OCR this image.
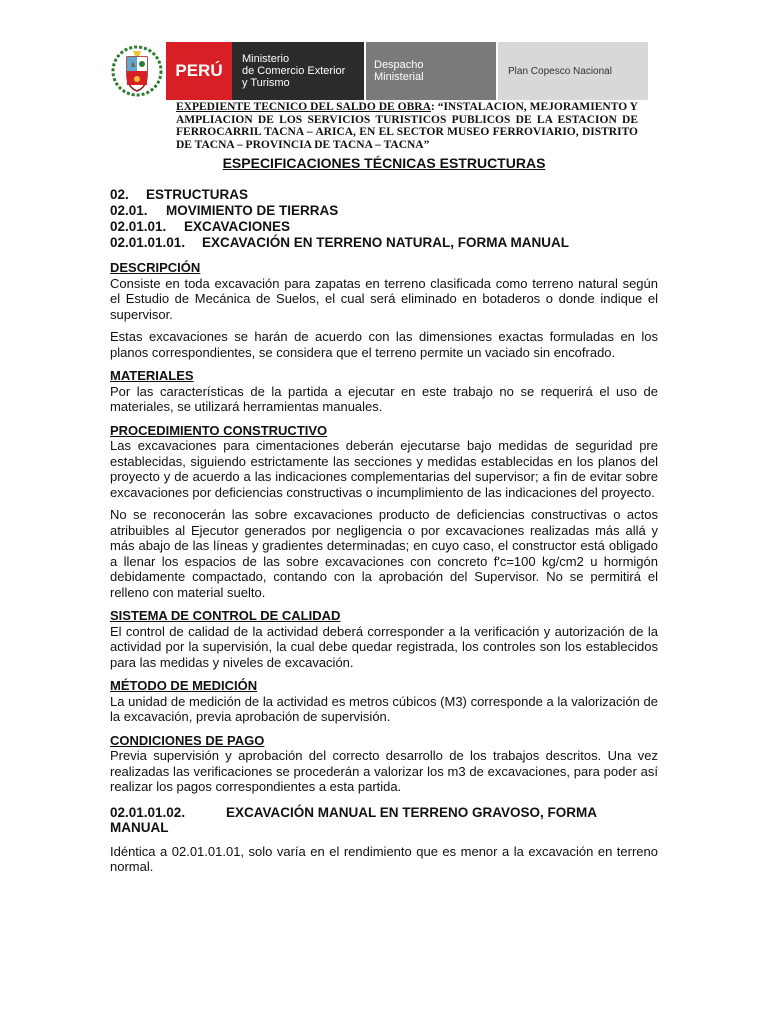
PERÚ
Ministerio
de Comercio Exterior
y Turismo
Despacho
Ministerial	Plan Copesco Nacional
EXPEDIENTE TECNICO DEL SALDO DE OBRA: “INSTALACION, MEJORAMIENTO Y AMPLIACION DE LOS SERVICIOS TURISTICOS PUBLICOS DE LA ESTACION DE FERROCARRIL TACNA – ARICA, EN EL SECTOR MUSEO FERROVIARIO, DISTRITO DE TACNA – PROVINCIA DE TACNA – TACNA”
ESPECIFICACIONES TÉCNICAS ESTRUCTURAS
02. ESTRUCTURAS
02.01. MOVIMIENTO DE TIERRAS
02.01.01. EXCAVACIONES
02.01.01.01. EXCAVACIÓN EN TERRENO NATURAL, FORMA MANUAL
DESCRIPCIÓN

Consiste en toda excavación para zapatas en terreno clasificada como terreno natural según el Estudio de Mecánica de Suelos, el cual será eliminado en botaderos o donde indique el supervisor.

Estas excavaciones se harán de acuerdo con las dimensiones exactas formuladas en los planos correspondientes, se considera que el terreno permite un vaciado sin encofrado.

MATERIALES

Por las características de la partida a ejecutar en este trabajo no se requerirá el uso de materiales, se utilizará herramientas manuales.

PROCEDIMIENTO CONSTRUCTIVO

Las excavaciones para cimentaciones deberán ejecutarse bajo medidas de seguridad pre establecidas, siguiendo estrictamente las secciones y medidas establecidas en los planos del proyecto y de acuerdo a las indicaciones complementarias del supervisor; a fin de evitar sobre excavaciones por deficiencias constructivas o incumplimiento de las indicaciones del proyecto.

No se reconocerán las sobre excavaciones producto de deficiencias constructivas o actos atribuibles al Ejecutor generados por negligencia o por excavaciones realizadas más allá y más abajo de las líneas y gradientes determinadas; en cuyo caso, el constructor está obligado a llenar los espacios de las sobre excavaciones con concreto f'c=100 kg/cm2 u hormigón debidamente compactado, contando con la aprobación del Supervisor. No se permitirá el relleno con material suelto.

SISTEMA DE CONTROL DE CALIDAD

El control de calidad de la actividad deberá corresponder a la verificación y autorización de la actividad por la supervisión, la cual debe quedar registrada, los controles son los establecidos para las medidas y niveles de excavación.

MÉTODO DE MEDICIÓN

La unidad de medición de la actividad es metros cúbicos (M3) corresponde a la valorización de la excavación, previa aprobación de supervisión.

CONDICIONES DE PAGO

Previa supervisión y aprobación del correcto desarrollo de los trabajos descritos. Una vez realizadas las verificaciones se procederán a valorizar los m3 de excavaciones, para poder así realizar los pagos correspondientes a esta partida.

02.01.01.02.	EXCAVACIÓN MANUAL EN TERRENO GRAVOSO, FORMA MANUAL

Idéntica a 02.01.01.01, solo varía en el rendimiento que es menor a la excavación en terreno normal.
